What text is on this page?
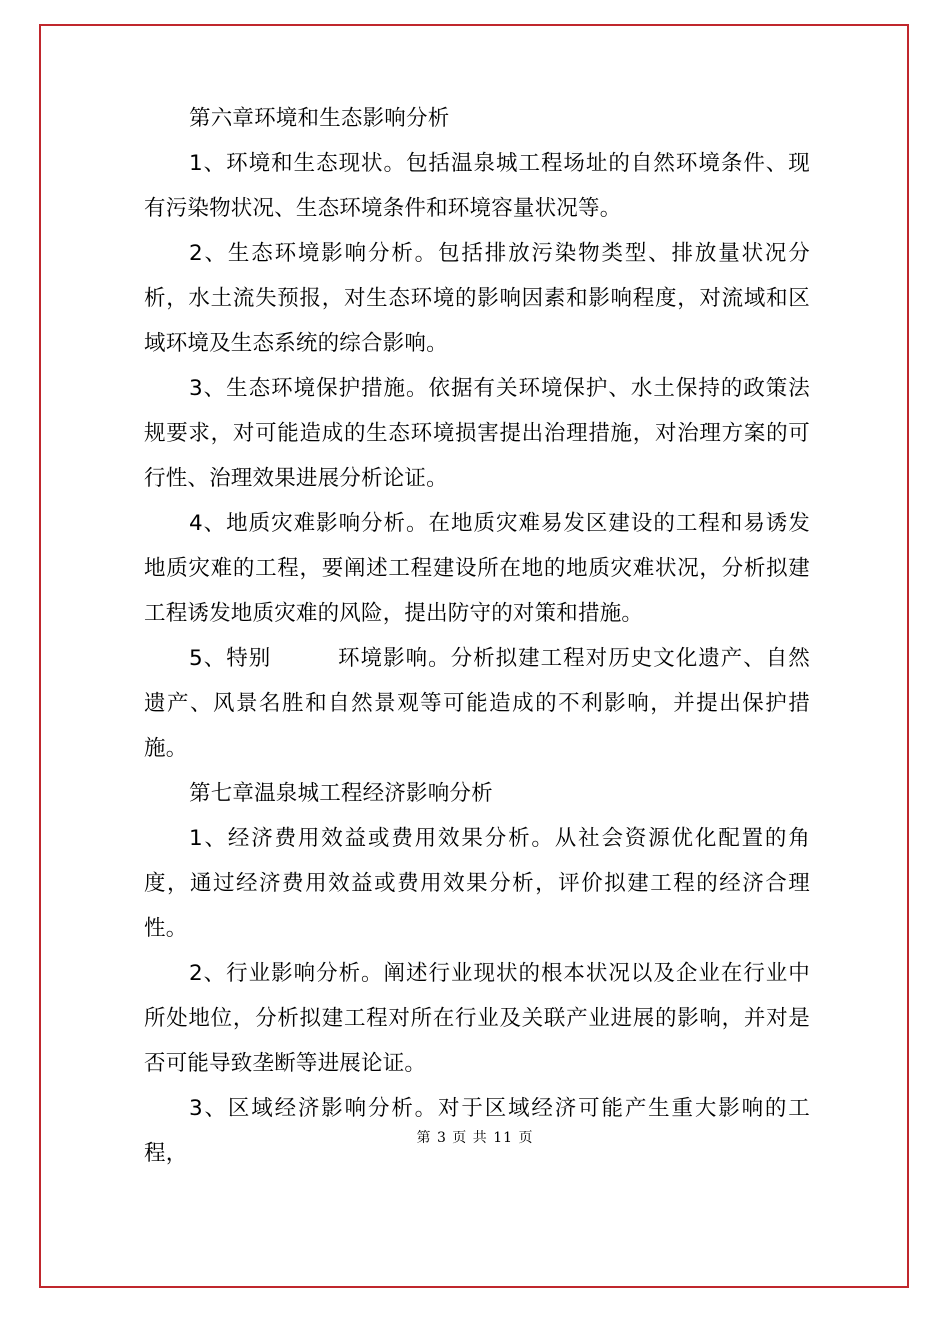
第六章环境和生态影响分析

1、环境和生态现状。包括温泉城工程场址的自然环境条件、现有污染物状况、生态环境条件和环境容量状况等。

2、生态环境影响分析。包括排放污染物类型、排放量状况分析，水土流失预报，对生态环境的影响因素和影响程度，对流域和区域环境及生态系统的综合影响。

3、生态环境保护措施。依据有关环境保护、水土保持的政策法规要求，对可能造成的生态环境损害提出治理措施，对治理方案的可行性、治理效果进展分析论证。

4、地质灾难影响分析。在地质灾难易发区建设的工程和易诱发地质灾难的工程，要阐述工程建设所在地的地质灾难状况，分析拟建工程诱发地质灾难的风险，提出防守的对策和措施。

5、特别	环境影响。分析拟建工程对历史文化遗产、自然遗产、风景名胜和自然景观等可能造成的不利影响，并提出保护措施。

第七章温泉城工程经济影响分析

1、经济费用效益或费用效果分析。从社会资源优化配置的角度，通过经济费用效益或费用效果分析，评价拟建工程的经济合理性。

2、行业影响分析。阐述行业现状的根本状况以及企业在行业中所处地位，分析拟建工程对所在行业及关联产业进展的影响，并对是否可能导致垄断等进展论证。

3、区域经济影响分析。对于区域经济可能产生重大影响的工程，

第 3 页 共 11 页
